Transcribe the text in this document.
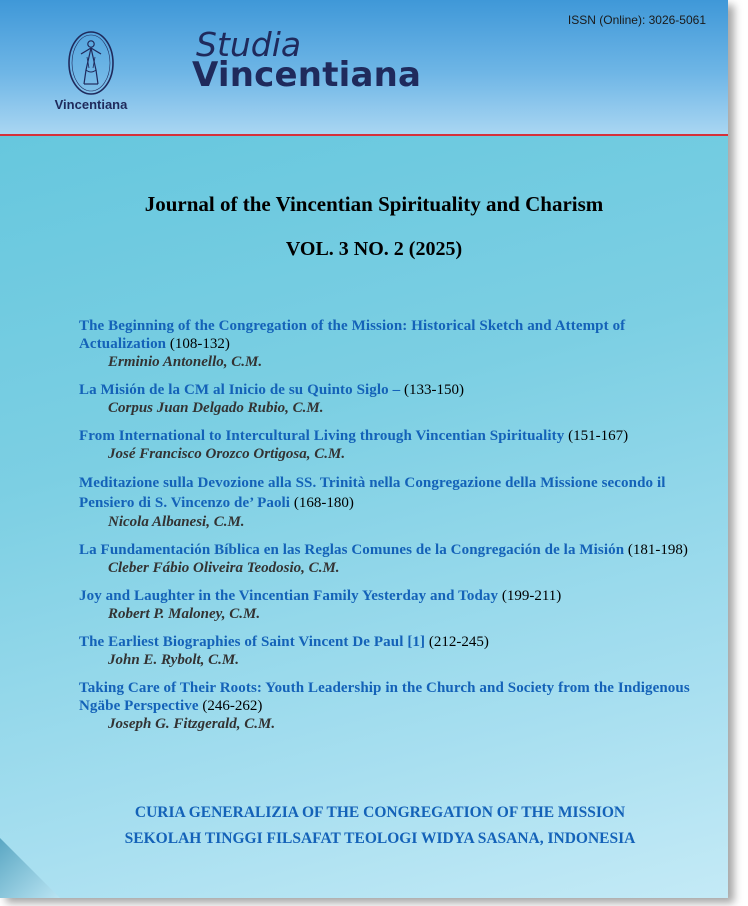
Vincentiana
Studia
Vincentiana
ISSN (Online): 3026-5061
Journal of the Vincentian Spirituality and Charism
VOL. 3 NO. 2 (2025)
The Beginning of the Congregation of the Mission: Historical Sketch and Attempt of Actualization (108-132)
Erminio Antonello, C.M.
La Misión de la CM al Inicio de su Quinto Siglo – (133-150)
Corpus Juan Delgado Rubio, C.M.
From International to Intercultural Living through Vincentian Spirituality (151-167)
José Francisco Orozco Ortigosa, C.M.
Meditazione sulla Devozione alla SS. Trinità nella Congregazione della Missione secondo il Pensiero di S. Vincenzo de’ Paoli (168-180)
Nicola Albanesi, C.M.
La Fundamentación Bíblica en las Reglas Comunes de la Congregación de la Misión (181-198)
Cleber Fábio Oliveira Teodosio, C.M.
Joy and Laughter in the Vincentian Family Yesterday and Today (199-211)
Robert P. Maloney, C.M.
The Earliest Biographies of Saint Vincent De Paul [1] (212-245)
John E. Rybolt, C.M.
Taking Care of Their Roots: Youth Leadership in the Church and Society from the Indigenous Ngäbe Perspective (246-262)
Joseph G. Fitzgerald, C.M.
CURIA GENERALIZIA OF THE CONGREGATION OF THE MISSION
SEKOLAH TINGGI FILSAFAT TEOLOGI WIDYA SASANA, INDONESIA
